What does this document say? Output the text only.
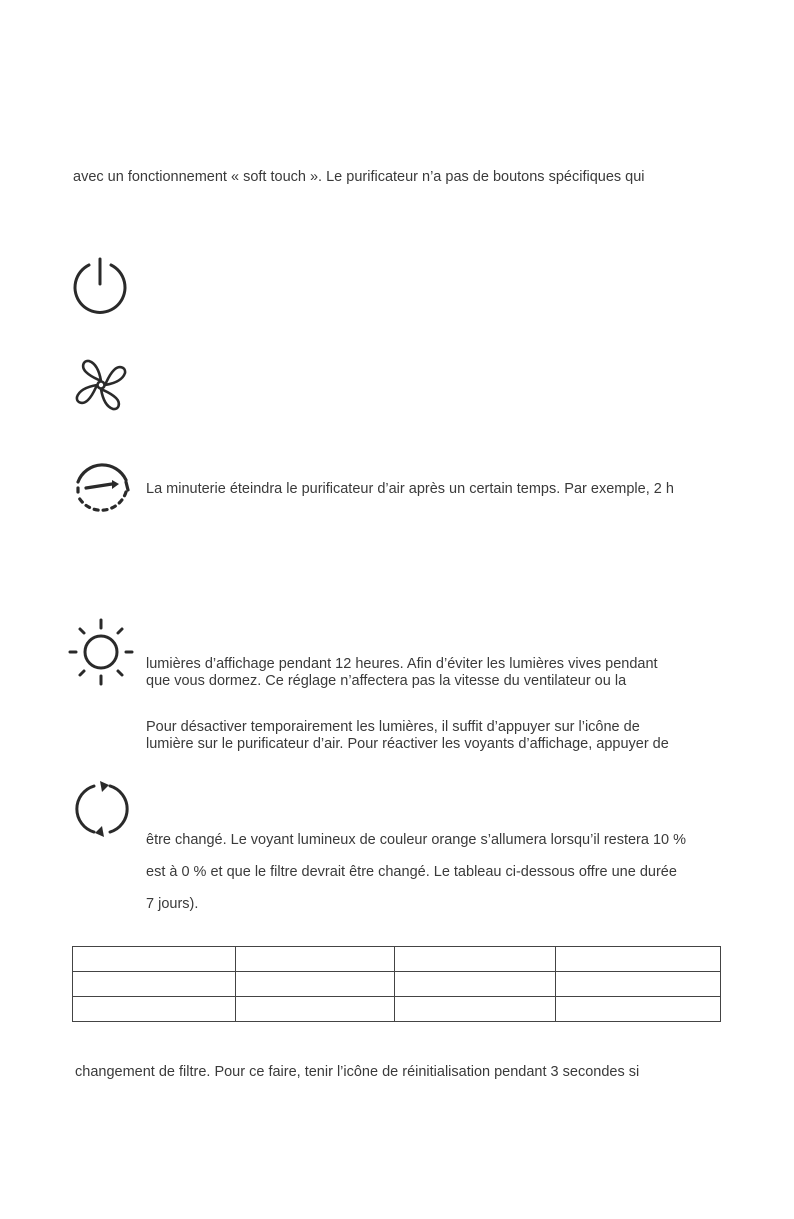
avec un fonctionnement « soft touch ». Le purificateur n’a pas de boutons spécifiques qui
La minuterie éteindra le purificateur d’air après un certain temps. Par exemple, 2 h
lumières d’affichage pendant 12 heures. Afin d’éviter les lumières vives pendant
que vous dormez. Ce réglage n’affectera pas la vitesse du ventilateur ou la
Pour désactiver temporairement les lumières, il suffit d’appuyer sur l’icône de
lumière sur le purificateur d’air. Pour réactiver les voyants d’affichage, appuyer de
être changé. Le voyant lumineux de couleur orange s’allumera lorsqu’il restera 10 %
est à 0 % et que le filtre devrait être changé. Le tableau ci-dessous offre une durée
7 jours).

changement de filtre. Pour ce faire, tenir l’icône de réinitialisation pendant 3 secondes si
